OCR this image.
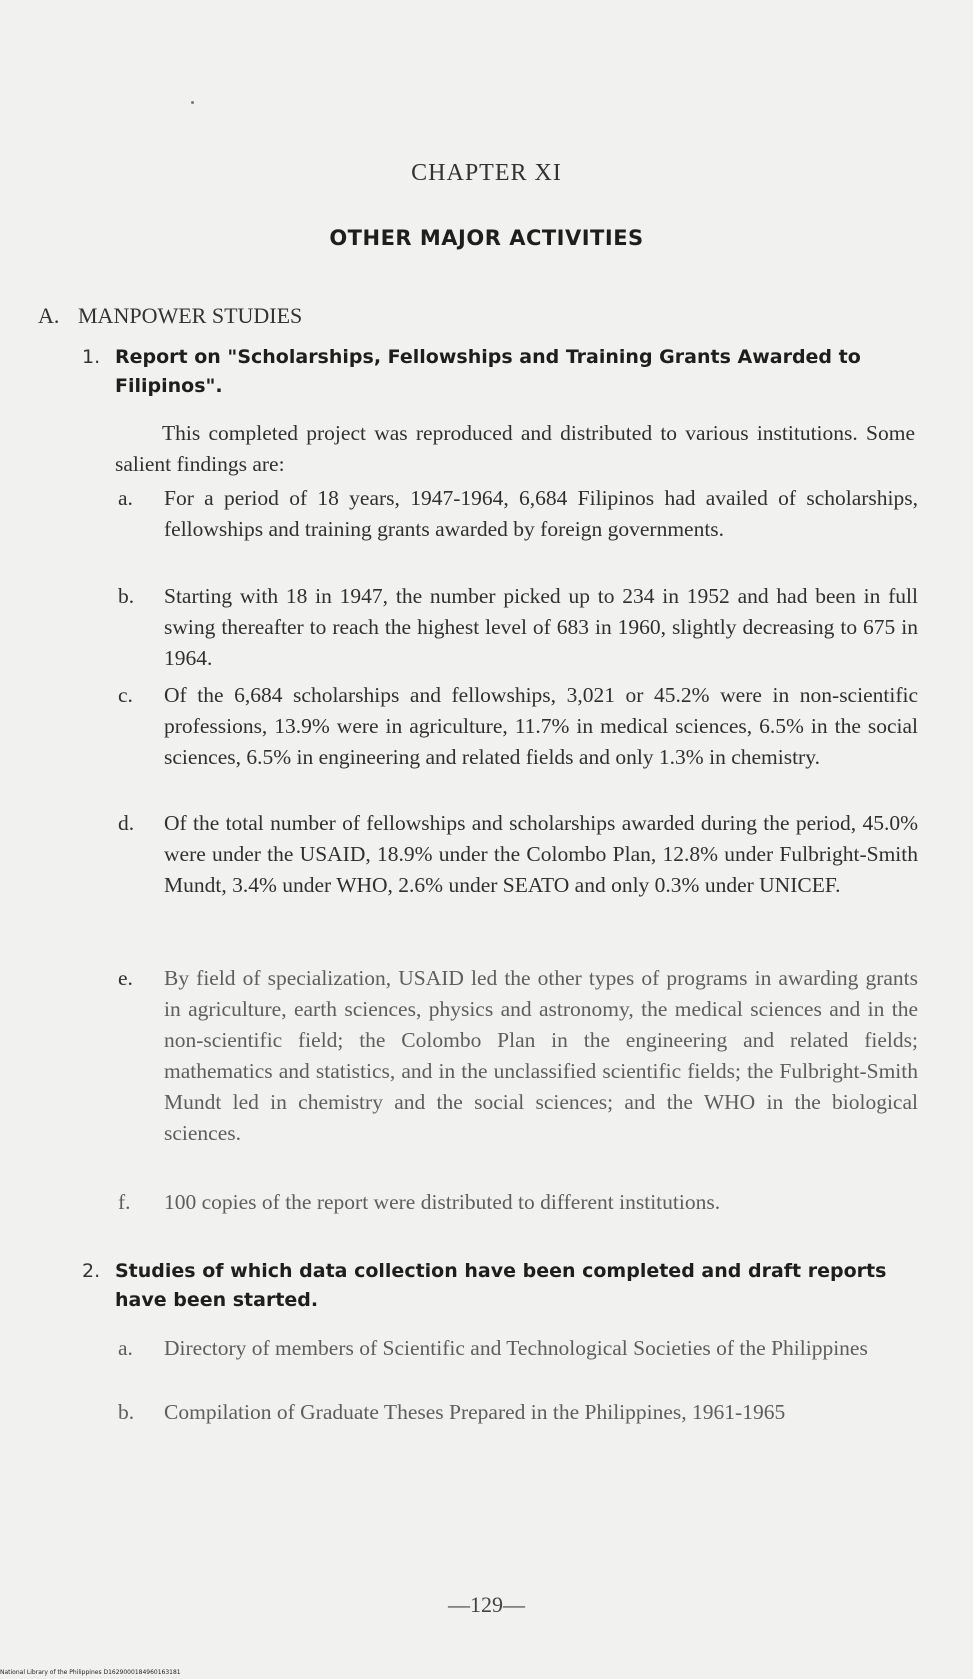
CHAPTER XI
OTHER MAJOR ACTIVITIES
A. MANPOWER STUDIES
1. Report on "Scholarships, Fellowships and Training Grants Awarded to Filipinos".
This completed project was reproduced and distributed to various institutions. Some salient findings are:
a.	For a period of 18 years, 1947-1964, 6,684 Filipinos had availed of scholarships, fellowships and training grants awarded by foreign governments.
b.	Starting with 18 in 1947, the number picked up to 234 in 1952 and had been in full swing thereafter to reach the highest level of 683 in 1960, slightly decreasing to 675 in 1964.
c.	Of the 6,684 scholarships and fellowships, 3,021 or 45.2% were in non-scientific professions, 13.9% were in agriculture, 11.7% in medical sciences, 6.5% in the social sciences, 6.5% in engineering and related fields and only 1.3% in chemistry.
d.	Of the total number of fellowships and scholarships awarded during the period, 45.0% were under the USAID, 18.9% under the Colombo Plan, 12.8% under Fulbright-Smith Mundt, 3.4% under WHO, 2.6% under SEATO and only 0.3% under UNICEF.
e.	By field of specialization, USAID led the other types of programs in awarding grants in agriculture, earth sciences, physics and astronomy, the medical sciences and in the non-scientific field; the Colombo Plan in the engineering and related fields; mathematics and statistics, and in the unclassified scientific fields; the Fulbright-Smith Mundt led in chemistry and the social sciences; and the WHO in the biological sciences.
f.	100 copies of the report were distributed to different institutions.
2. Studies of which data collection have been completed and draft reports have been started.
a.	Directory of members of Scientific and Technological Societies of the Philippines
b.	Compilation of Graduate Theses Prepared in the Philippines, 1961-1965
—129—
National Library of the Philippines D1629000184960163181
